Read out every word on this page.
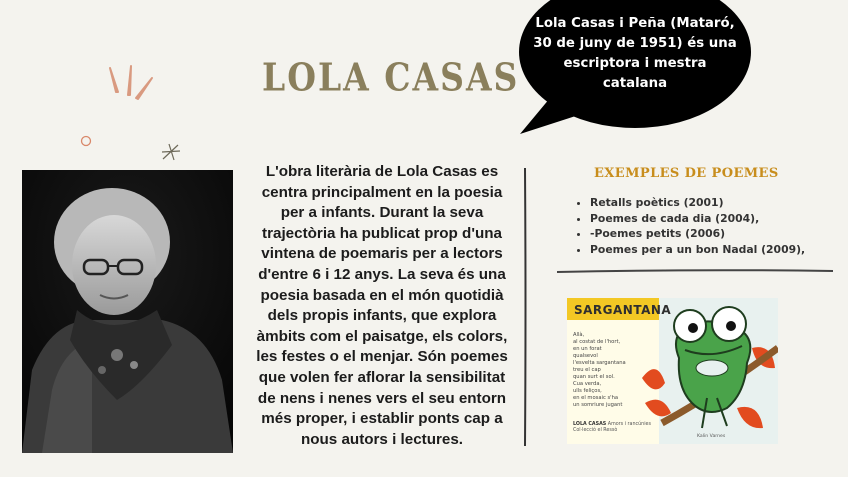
LOLA CASAS
Lola Casas i Peña (Mataró, 30 de juny de 1951) és una escriptora i mestra catalana
L'obra literària de Lola Casas es centra principalment en la poesia per a infants. Durant la seva trajectòria ha publicat prop d'una vintena de poemaris per a lectors d'entre 6 i 12 anys. La seva és una poesia basada en el món quotidià dels propis infants, que explora àmbits com el paisatge, els colors, les festes o el menjar. Són poemes que volen fer aflorar la sensibilitat de nens i nenes vers el seu entorn més proper, i establir ponts cap a nous autors i lectures.
EXEMPLES DE POEMES
• Retalls poètics (2001)
• Poemes de cada dia (2004),
• -Poemes petits (2006)
• Poemes per a un bon Nadal (2009),
SARGANTANA
Allà,
al costat de l'hort,
en un forat
qualsevol
l'esvelta sargantana
treu el cap
quan surt el sol.
Cua verda,
ulls feliços,
en el mosaic s'ha
un somriure jugant
LOLA CASAS Amors i rancúnies
Col·lecció el Ressò
Kalin Varnes
